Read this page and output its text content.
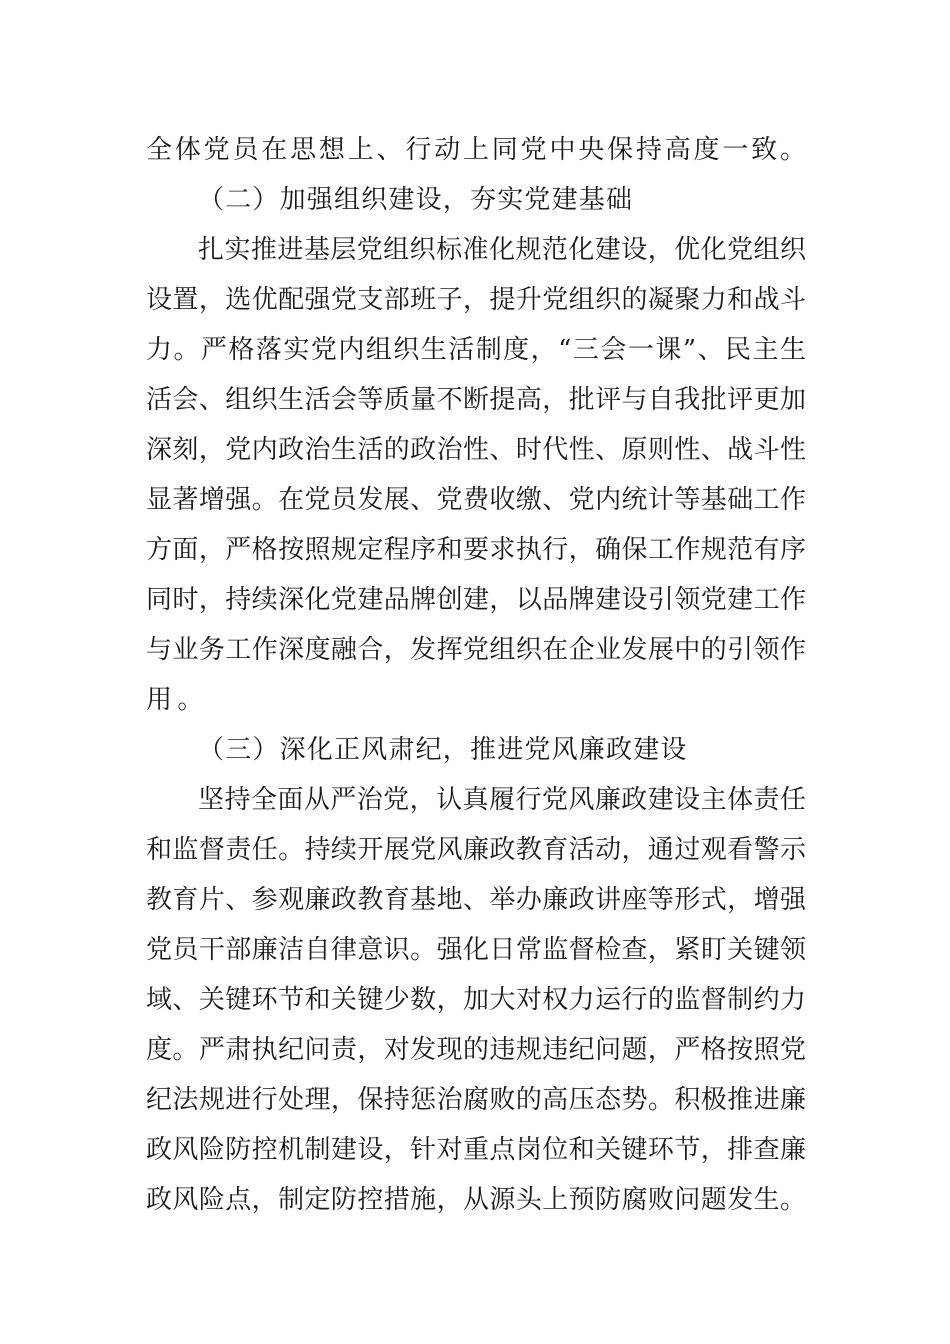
全体党员在思想上、行动上同党中央保持高度一致。
（二）加强组织建设，夯实党建基础
扎实推进基层党组织标准化规范化建设，优化党组织
设置，选优配强党支部班子，提升党组织的凝聚力和战斗
力。严格落实党内组织生活制度，“三会一课”、民主生
活会、组织生活会等质量不断提高，批评与自我批评更加
深刻，党内政治生活的政治性、时代性、原则性、战斗性
显著增强。在党员发展、党费收缴、党内统计等基础工作
方面，严格按照规定程序和要求执行，确保工作规范有序
同时，持续深化党建品牌创建，以品牌建设引领党建工作
与业务工作深度融合，发挥党组织在企业发展中的引领作
用。
（三）深化正风肃纪，推进党风廉政建设
坚持全面从严治党，认真履行党风廉政建设主体责任
和监督责任。持续开展党风廉政教育活动，通过观看警示
教育片、参观廉政教育基地、举办廉政讲座等形式，增强
党员干部廉洁自律意识。强化日常监督检查，紧盯关键领
域、关键环节和关键少数，加大对权力运行的监督制约力
度。严肃执纪问责，对发现的违规违纪问题，严格按照党
纪法规进行处理，保持惩治腐败的高压态势。积极推进廉
政风险防控机制建设，针对重点岗位和关键环节，排查廉
政风险点，制定防控措施，从源头上预防腐败问题发生。
